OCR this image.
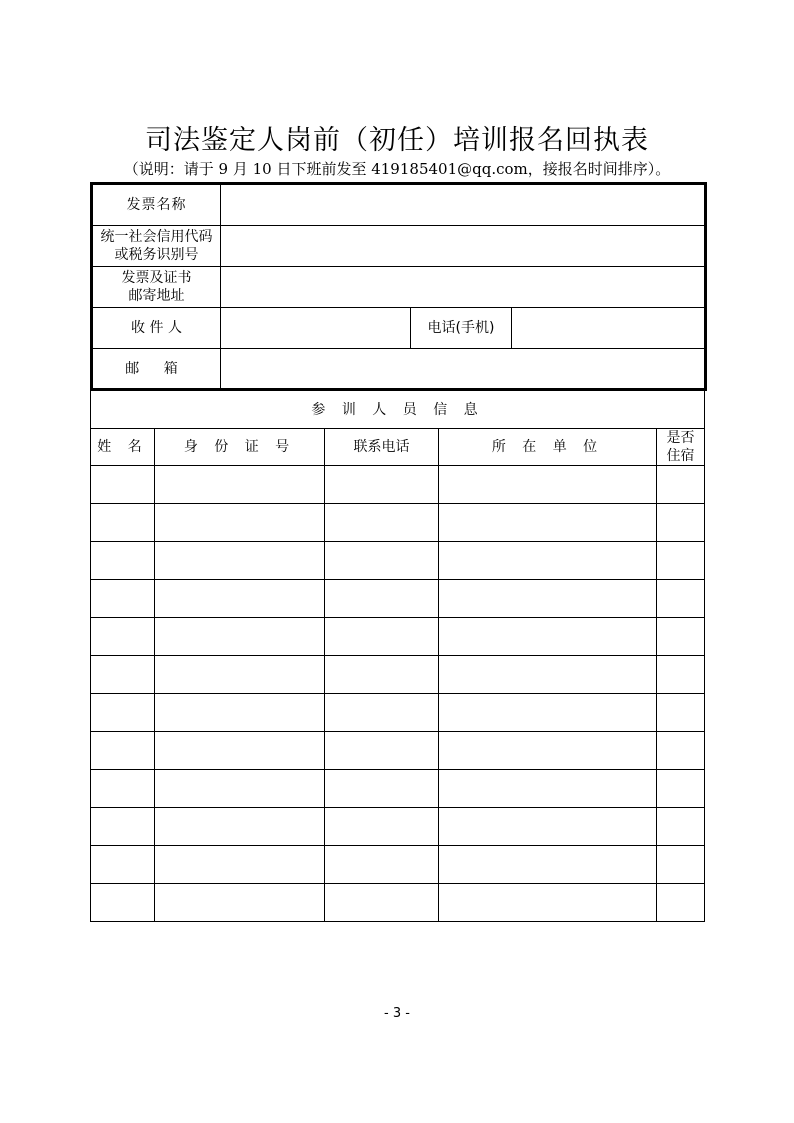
司法鉴定人岗前（初任）培训报名回执表
（说明：请于 9 月 10 日下班前发至 419185401@qq.com，接报名时间排序）。
发票名称			
统一社会信用代码或税务识别号			
发票及证书邮寄地址			
收 件 人		电话(手机)	
邮 箱			
参 训 人 员 信 息				
姓 名	身 份 证 号	联系电话	所 在 单 位	是否住宿

- 3 -
